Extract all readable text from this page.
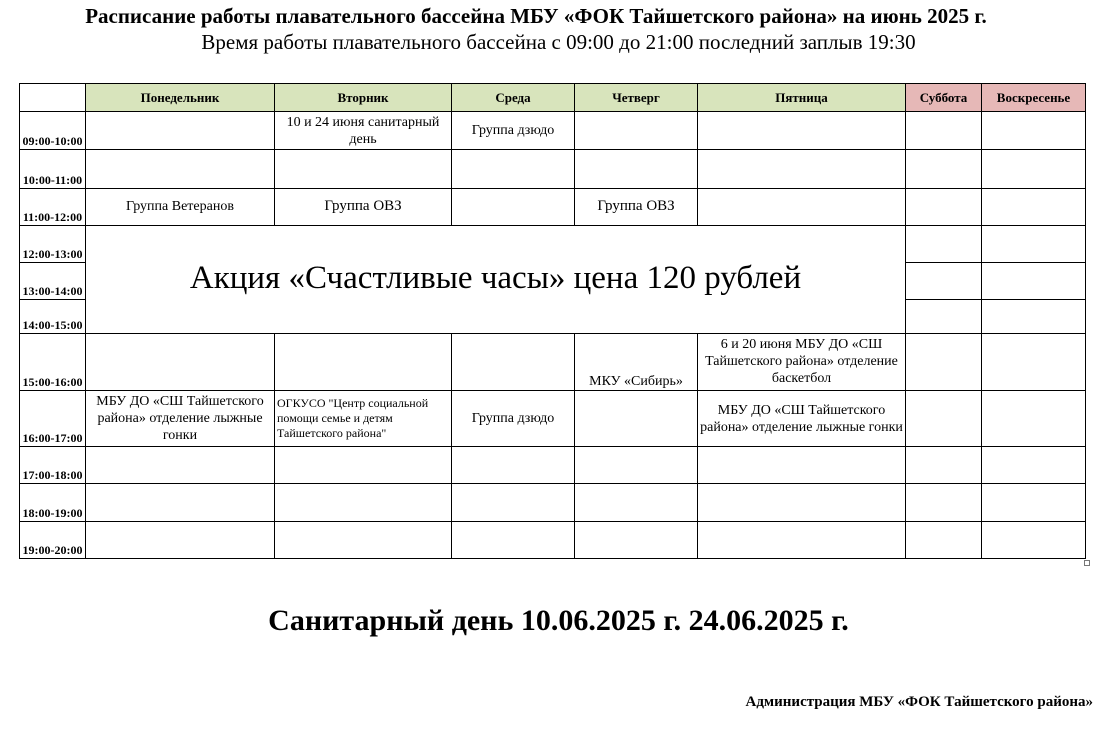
Расписание работы плавательного бассейна МБУ «ФОК Тайшетского района» на июнь 2025 г.
Время работы плавательного бассейна с 09:00 до 21:00 последний заплыв 19:30
	Понедельник	Вторник	Среда	Четверг	Пятница	Суббота	Воскресенье
09:00-10:00		10 и 24 июня санитарный день	Группа дзюдо				
10:00-11:00							
11:00-12:00	Группа Ветеранов	Группа ОВЗ		Группа ОВЗ			
12:00-13:00	Акция «Счастливые часы» цена 120 рублей						
13:00-14:00							
14:00-15:00							
15:00-16:00				МКУ «Сибирь»	6 и 20 июня МБУ ДО «СШ Тайшетского района» отделение баскетбол		
16:00-17:00	МБУ ДО «СШ Тайшетского района» отделение лыжные гонки	ОГКУСО "Центр социальной помощи семье и детям Тайшетского района"	Группа дзюдо		МБУ ДО «СШ Тайшетского района» отделение лыжные гонки		
17:00-18:00							
18:00-19:00							
19:00-20:00							
Санитарный день 10.06.2025 г. 24.06.2025 г.
Администрация МБУ «ФОК Тайшетского района»
